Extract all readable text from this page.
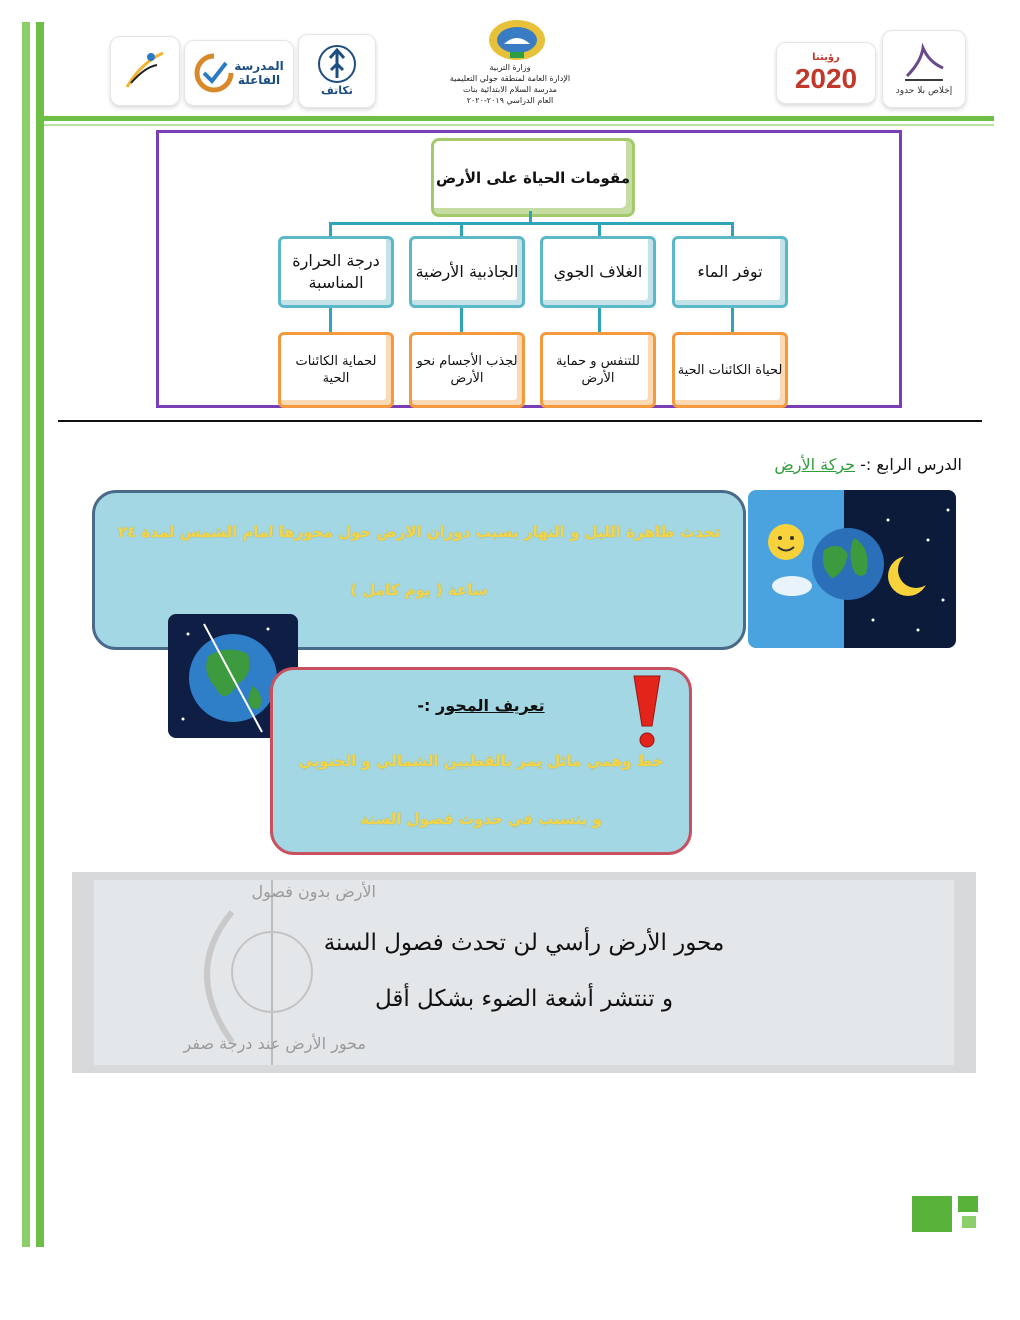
المدرسة الفاعلة
تكاتف
وزارة التربية
الإدارة العامة لمنطقة حولي التعليمية
مدرسة السلام الابتدائية بنات
العام الدراسي ٢٠١٩-٢٠٢٠
رؤيتنا
2020	إخلاص بلا حدود
مقومات الحياة على الأرض
توفر الماء
الغلاف الجوي
الجاذبية الأرضية
درجة الحرارة المناسبة
لحياة الكائنات الحية
للتنفس و حماية الأرض
لجذب الأجسام نحو الأرض
لحماية الكائنات الحية
الدرس الرابع :- حركة الأرض

تحدث ظاهرة الليل و النهار بسبب دوران الارض حول محورها امام الشمس لمدة ٢٤

ساعة ( يوم كامل )

تعريف المحور :-
خط وهمي مائل يمر بالقطبين الشمالي و الجنوبي
و يتسبب في حدوث فصول السنة
الأرض بدون فصول
محور الأرض عند درجة صفر
محور الأرض رأسي لن تحدث فصول السنة
و تنتشر أشعة الضوء بشكل أقل
